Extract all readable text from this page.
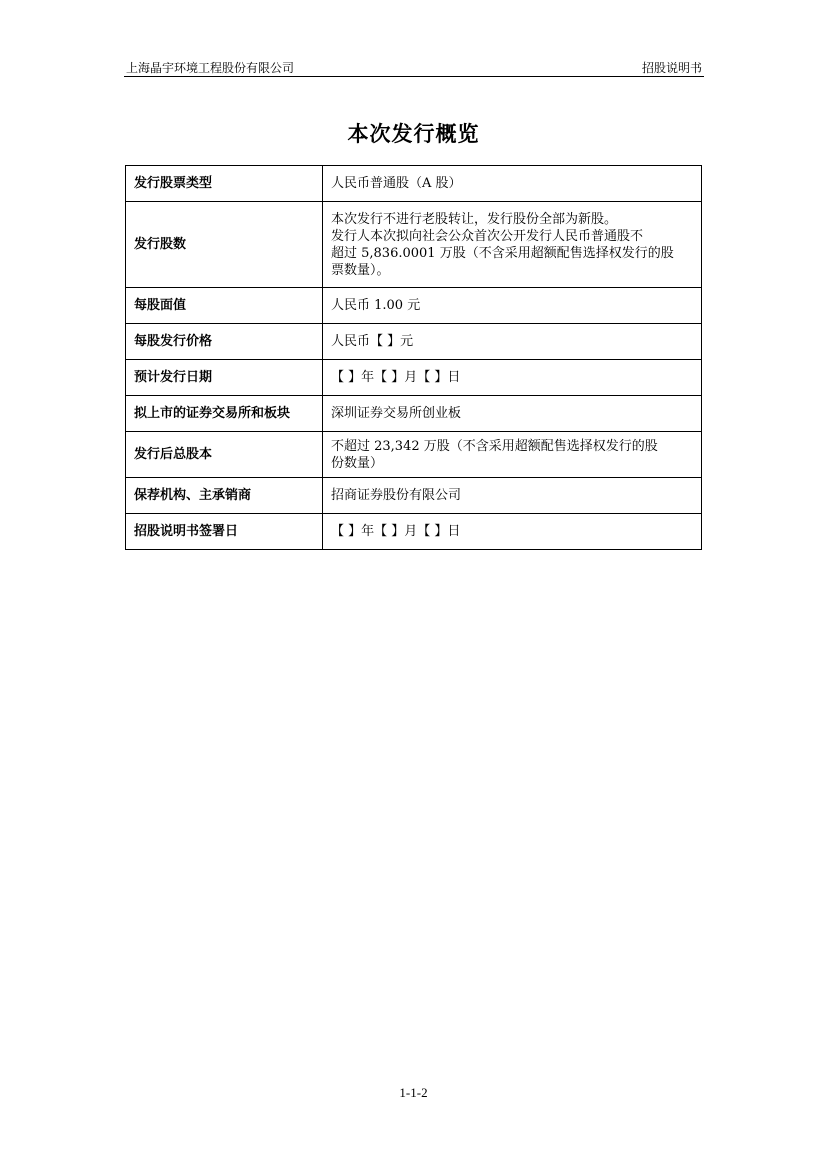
上海晶宇环境工程股份有限公司	招股说明书
本次发行概览
发行股票类型	人民币普通股（A 股）

发行股数	本次发行不进行老股转让，发行股份全部为新股。
发行人本次拟向社会公众首次公开发行人民币普通股不
超过 5,836.0001 万股（不含采用超额配售选择权发行的股
票数量）。

每股面值	人民币 1.00 元

每股发行价格	人民币【 】元

预计发行日期	【 】年【 】月【 】日

拟上市的证券交易所和板块	深圳证券交易所创业板

发行后总股本	不超过 23,342 万股（不含采用超额配售选择权发行的股
份数量）

保荐机构、主承销商	招商证券股份有限公司

招股说明书签署日	【 】年【 】月【 】日
1-1-2
